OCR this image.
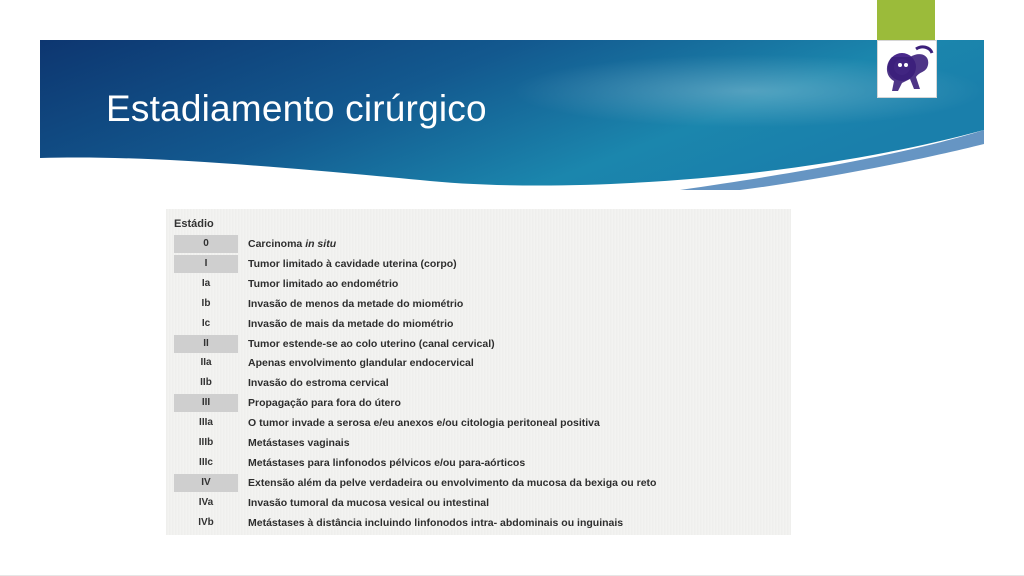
Estadiamento cirúrgico
Estádio
0	Carcinoma in situ
I	Tumor limitado à cavidade uterina (corpo)
Ia	Tumor limitado ao endométrio
Ib	Invasão de menos da metade do miométrio
Ic	Invasão de mais da metade do miométrio
II	Tumor estende-se ao colo uterino (canal cervical)
IIa	Apenas envolvimento glandular endocervical
IIb	Invasão do estroma cervical
III	Propagação para fora do útero
IIIa	O tumor invade a serosa e/eu anexos e/ou citologia peritoneal positiva
IIIb	Metástases vaginais
IIIc	Metástases para linfonodos pélvicos e/ou para-aórticos
IV	Extensão além da pelve verdadeira ou envolvimento da mucosa da bexiga ou reto
IVa	Invasão tumoral da mucosa vesical ou intestinal
IVb	Metástases à distância incluindo linfonodos intra- abdominais ou inguinais
